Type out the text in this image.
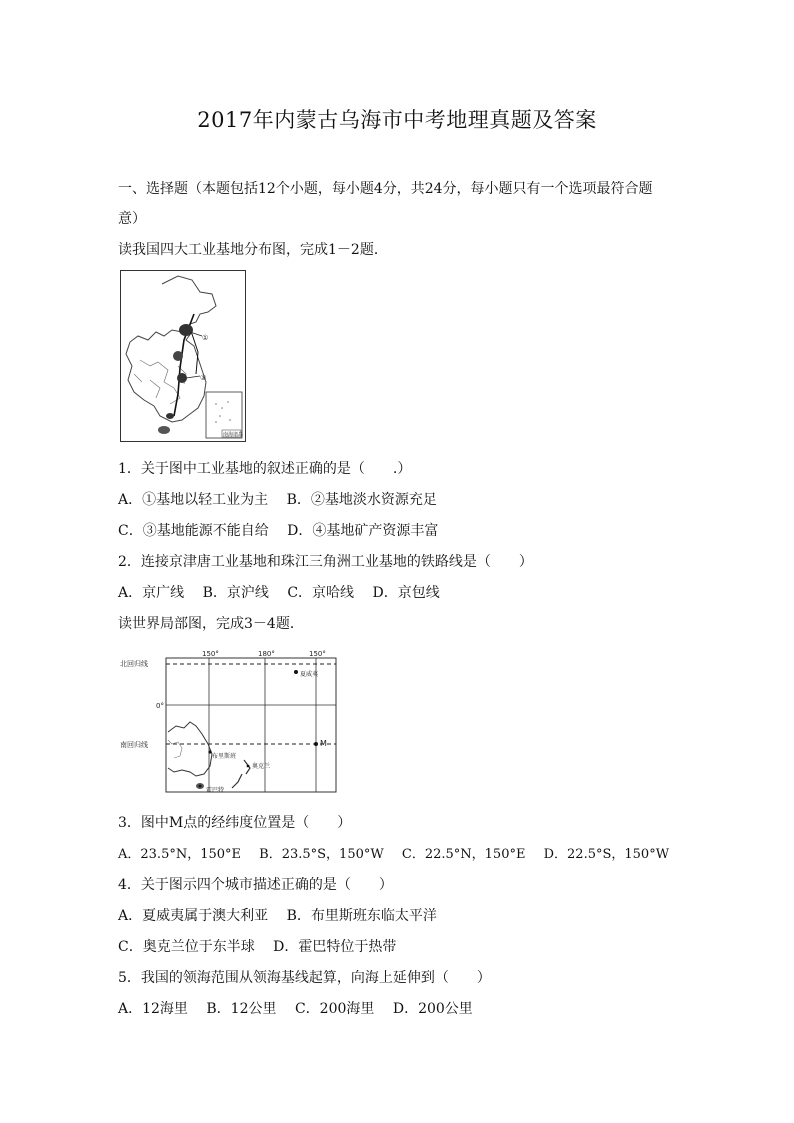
2017年内蒙古乌海市中考地理真题及答案
一、选择题（本题包括12个小题，每小题4分，共24分，每小题只有一个选项最符合题
意）
读我国四大工业基地分布图，完成1－2题．
①
③
南海诸岛
1．关于图中工业基地的叙述正确的是（　　.）
A．①基地以轻工业为主 B．②基地淡水资源充足
C．③基地能源不能自给 D．④基地矿产资源丰富
2．连接京津唐工业基地和珠江三角洲工业基地的铁路线是（　　）
A．京广线 B．京沪线 C．京哈线 D．京包线
读世界局部图，完成3－4题．
150°	180°	150°
北回归线
0°
南回归线
夏威夷
布里斯班
奥克兰
霍巴特
M
3．图中M点的经纬度位置是（　　）
A．23.5°N，150°E B．23.5°S，150°W C．22.5°N，150°E D．22.5°S，150°W
4．关于图示四个城市描述正确的是（　　）
A．夏威夷属于澳大利亚 B．布里斯班东临太平洋
C．奥克兰位于东半球 D．霍巴特位于热带
5．我国的领海范围从领海基线起算，向海上延伸到（　　）
A．12海里 B．12公里 C．200海里 D．200公里
